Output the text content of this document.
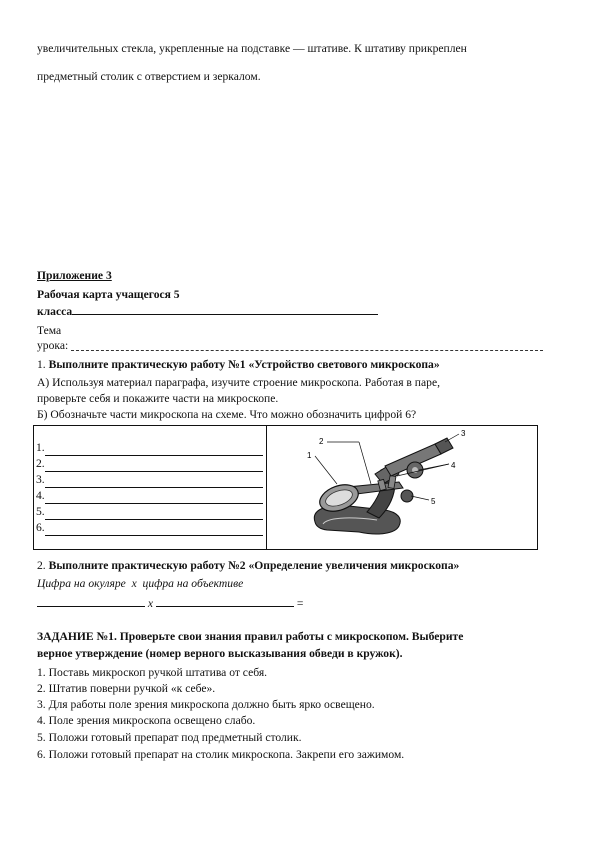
увеличительных стекла, укрепленные на подставке — штативе. К штативу прикреплен
предметный столик с отверстием и зеркалом.
Приложение 3
Рабочая карта учащегося 5
класса
Тема
урока:
1. Выполните практическую работу №1 «Устройство светового микроскопа»
А) Используя материал параграфа, изучите строение микроскопа. Работая в паре,
проверьте себя и покажите части на микроскопе.
Б) Обозначьте части микроскопа на схеме. Что можно обозначить цифрой 6?
1.
2.
3.
4.
5.
6.

1
2
3
4
5
2. Выполните практическую работу №2 «Определение увеличения микроскопа»
Цифра на окуляре х цифра на объективе
х	=
ЗАДАНИЕ №1. Проверьте свои знания правил работы с микроскопом. Выберите
верное утверждение (номер верного высказывания обведи в кружок).
1. Поставь микроскоп ручкой штатива от себя.
2. Штатив поверни ручкой «к себе».
3. Для работы поле зрения микроскопа должно быть ярко освещено.
4. Поле зрения микроскопа освещено слабо.
5. Положи готовый препарат под предметный столик.
6. Положи готовый препарат на столик микроскопа. Закрепи его зажимом.
